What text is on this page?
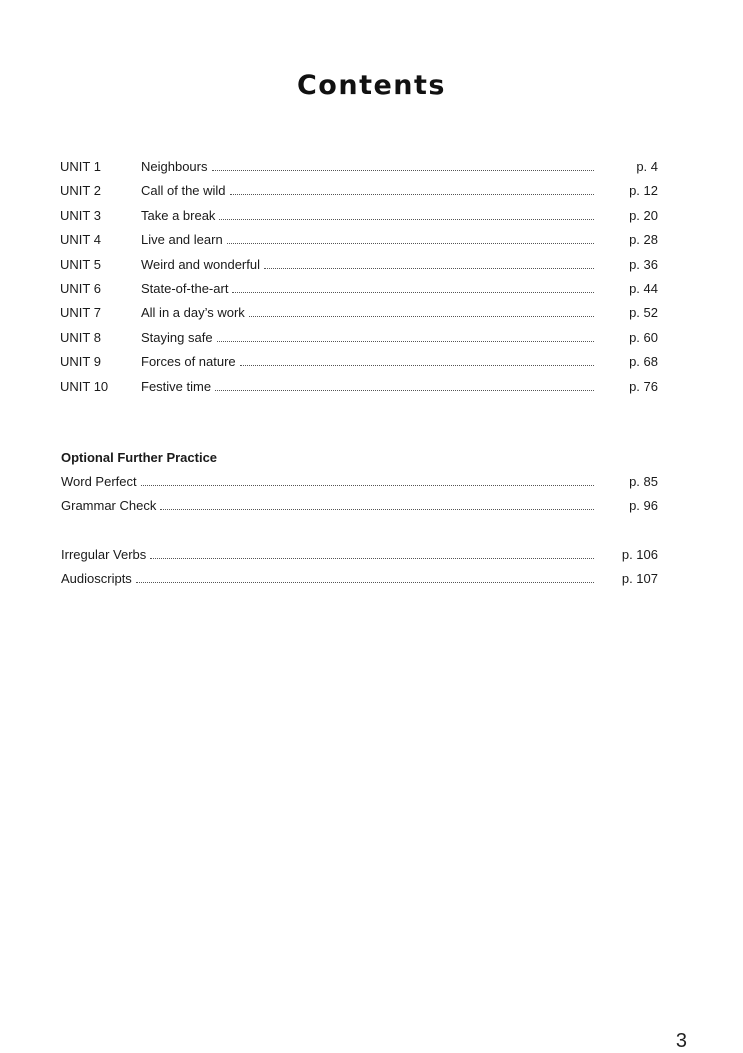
Contents
UNIT 1	Neighbours	p. 4
UNIT 2	Call of the wild	p. 12
UNIT 3	Take a break	p. 20
UNIT 4	Live and learn	p. 28
UNIT 5	Weird and wonderful	p. 36
UNIT 6	State-of-the-art	p. 44
UNIT 7	All in a day’s work	p. 52
UNIT 8	Staying safe	p. 60
UNIT 9	Forces of nature	p. 68
UNIT 10	Festive time	p. 76
Optional Further Practice
Word Perfect	p. 85
Grammar Check	p. 96
Irregular Verbs	p. 106
Audioscripts	p. 107
3
